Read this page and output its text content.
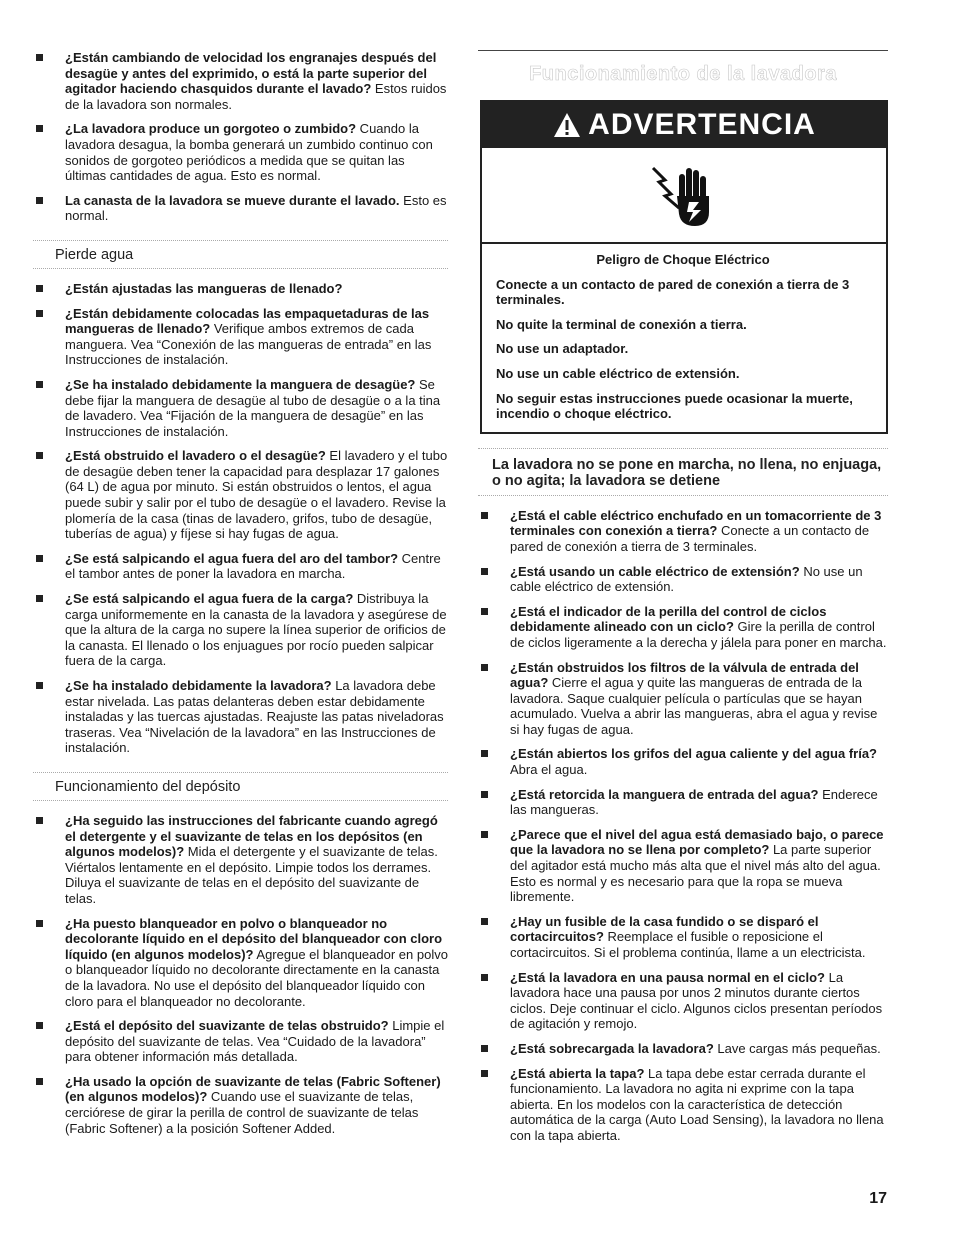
¿Están cambiando de velocidad los engranajes después del desagüe y antes del exprimido, o está la parte superior del agitador haciendo chasquidos durante el lavado? Estos ruidos de la lavadora son normales.
¿La lavadora produce un gorgoteo o zumbido? Cuando la lavadora desagua, la bomba generará un zumbido continuo con sonidos de gorgoteo periódicos a medida que se quitan las últimas cantidades de agua. Esto es normal.
La canasta de la lavadora se mueve durante el lavado. Esto es normal.
Pierde agua
¿Están ajustadas las mangueras de llenado?
¿Están debidamente colocadas las empaquetaduras de las mangueras de llenado? Verifique ambos extremos de cada manguera. Vea “Conexión de las mangueras de entrada” en las Instrucciones de instalación.
¿Se ha instalado debidamente la manguera de desagüe? Se debe fijar la manguera de desagüe al tubo de desagüe o a la tina de lavadero. Vea “Fijación de la manguera de desagüe” en las Instrucciones de instalación.
¿Está obstruido el lavadero o el desagüe? El lavadero y el tubo de desagüe deben tener la capacidad para desplazar 17 galones (64 L) de agua por minuto. Si están obstruidos o lentos, el agua puede subir y salir por el tubo de desagüe o el lavadero. Revise la plomería de la casa (tinas de lavadero, grifos, tubo de desagüe, tuberías de agua) y fíjese si hay fugas de agua.
¿Se está salpicando el agua fuera del aro del tambor? Centre el tambor antes de poner la lavadora en marcha.
¿Se está salpicando el agua fuera de la carga? Distribuya la carga uniformemente en la canasta de la lavadora y asegúrese de que la altura de la carga no supere la línea superior de orificios de la canasta. El llenado o los enjuagues por rocío pueden salpicar fuera de la carga.
¿Se ha instalado debidamente la lavadora? La lavadora debe estar nivelada. Las patas delanteras deben estar debidamente instaladas y las tuercas ajustadas. Reajuste las patas niveladoras traseras. Vea “Nivelación de la lavadora” en las Instrucciones de instalación.
Funcionamiento del depósito
¿Ha seguido las instrucciones del fabricante cuando agregó el detergente y el suavizante de telas en los depósitos (en algunos modelos)? Mida el detergente y el suavizante de telas. Viértalos lentamente en el depósito. Limpie todos los derrames. Diluya el suavizante de telas en el depósito del suavizante de telas.
¿Ha puesto blanqueador en polvo o blanqueador no decolorante líquido en el depósito del blanqueador con cloro líquido (en algunos modelos)? Agregue el blanqueador en polvo o blanqueador líquido no decolorante directamente en la canasta de la lavadora. No use el depósito del blanqueador líquido con cloro para el blanqueador no decolorante.
¿Está el depósito del suavizante de telas obstruido? Limpie el depósito del suavizante de telas. Vea “Cuidado de la lavadora” para obtener información más detallada.
¿Ha usado la opción de suavizante de telas (Fabric Softener) (en algunos modelos)? Cuando use el suavizante de telas, cerciórese de girar la perilla de control de suavizante de telas (Fabric Softener) a la posición Softener Added.
Funcionamiento de la lavadora
ADVERTENCIA
Peligro de Choque Eléctrico

Conecte a un contacto de pared de conexión a tierra de 3 terminales.

No quite la terminal de conexión a tierra.

No use un adaptador.

No use un cable eléctrico de extensión.

No seguir estas instrucciones puede ocasionar la muerte, incendio o choque eléctrico.

La lavadora no se pone en marcha, no llena, no enjuaga, o no agita; la lavadora se detiene
¿Está el cable eléctrico enchufado en un tomacorriente de 3 terminales con conexión a tierra? Conecte a un contacto de pared de conexión a tierra de 3 terminales.
¿Está usando un cable eléctrico de extensión? No use un cable eléctrico de extensión.
¿Está el indicador de la perilla del control de ciclos debidamente alineado con un ciclo? Gire la perilla de control de ciclos ligeramente a la derecha y jálela para poner en marcha.
¿Están obstruidos los filtros de la válvula de entrada del agua? Cierre el agua y quite las mangueras de entrada de la lavadora. Saque cualquier película o partículas que se hayan acumulado. Vuelva a abrir las mangueras, abra el agua y revise si hay fugas de agua.
¿Están abiertos los grifos del agua caliente y del agua fría? Abra el agua.
¿Está retorcida la manguera de entrada del agua? Enderece las mangueras.
¿Parece que el nivel del agua está demasiado bajo, o parece que la lavadora no se llena por completo? La parte superior del agitador está mucho más alta que el nivel más alto del agua. Esto es normal y es necesario para que la ropa se mueva libremente.
¿Hay un fusible de la casa fundido o se disparó el cortacircuitos? Reemplace el fusible o reposicione el cortacircuitos. Si el problema continúa, llame a un electricista.
¿Está la lavadora en una pausa normal en el ciclo? La lavadora hace una pausa por unos 2 minutos durante ciertos ciclos. Deje continuar el ciclo. Algunos ciclos presentan períodos de agitación y remojo.
¿Está sobrecargada la lavadora? Lave cargas más pequeñas.
¿Está abierta la tapa? La tapa debe estar cerrada durante el funcionamiento. La lavadora no agita ni exprime con la tapa abierta. En los modelos con la característica de detección automática de la carga (Auto Load Sensing), la lavadora no llena con la tapa abierta.
17
